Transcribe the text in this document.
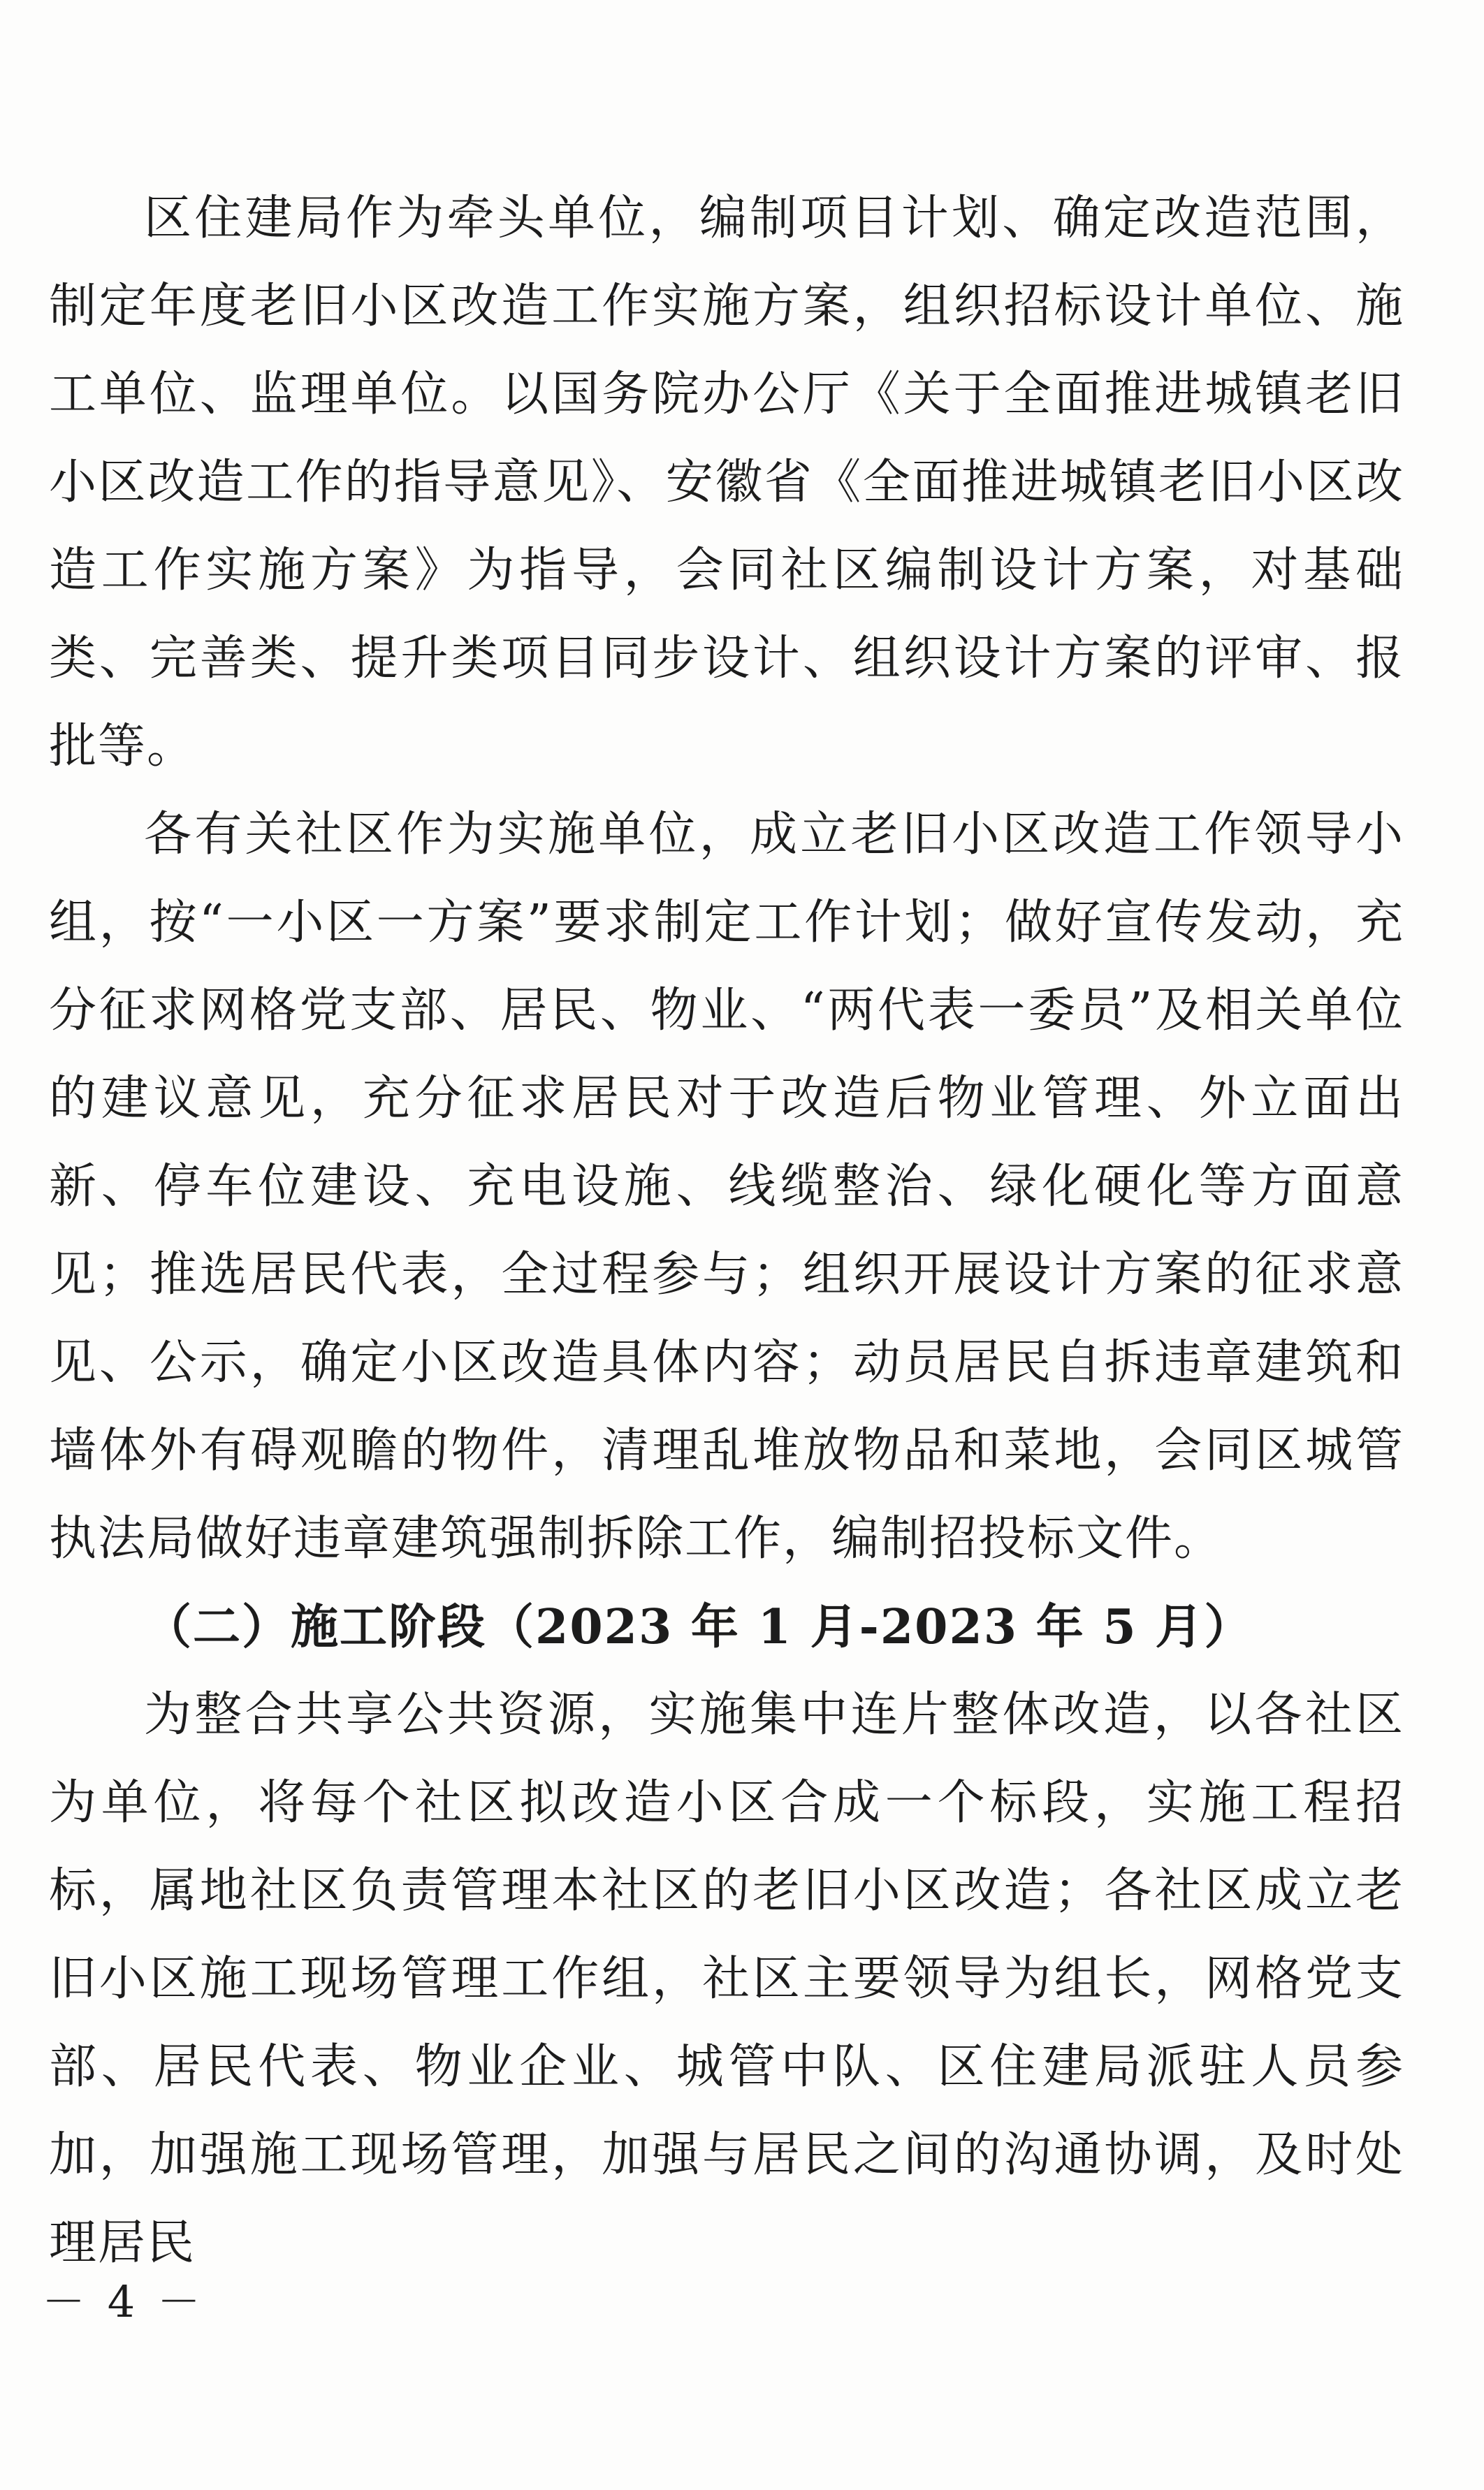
区住建局作为牵头单位，编制项目计划、确定改造范围，制定年度老旧小区改造工作实施方案，组织招标设计单位、施工单位、监理单位。以国务院办公厅《关于全面推进城镇老旧小区改造工作的指导意见》、安徽省《全面推进城镇老旧小区改造工作实施方案》为指导，会同社区编制设计方案，对基础类、完善类、提升类项目同步设计、组织设计方案的评审、报批等。

各有关社区作为实施单位，成立老旧小区改造工作领导小组，按“一小区一方案”要求制定工作计划；做好宣传发动，充分征求网格党支部、居民、物业、“两代表一委员”及相关单位的建议意见，充分征求居民对于改造后物业管理、外立面出新、停车位建设、充电设施、线缆整治、绿化硬化等方面意见；推选居民代表，全过程参与；组织开展设计方案的征求意见、公示，确定小区改造具体内容；动员居民自拆违章建筑和墙体外有碍观瞻的物件，清理乱堆放物品和菜地，会同区城管执法局做好违章建筑强制拆除工作，编制招投标文件。

（二）施工阶段（2023 年 1 月-2023 年 5 月）

为整合共享公共资源，实施集中连片整体改造，以各社区为单位，将每个社区拟改造小区合成一个标段，实施工程招标，属地社区负责管理本社区的老旧小区改造；各社区成立老旧小区施工现场管理工作组，社区主要领导为组长，网格党支部、居民代表、物业企业、城管中队、区住建局派驻人员参加，加强施工现场管理，加强与居民之间的沟通协调，及时处理居民

－ 4 －
